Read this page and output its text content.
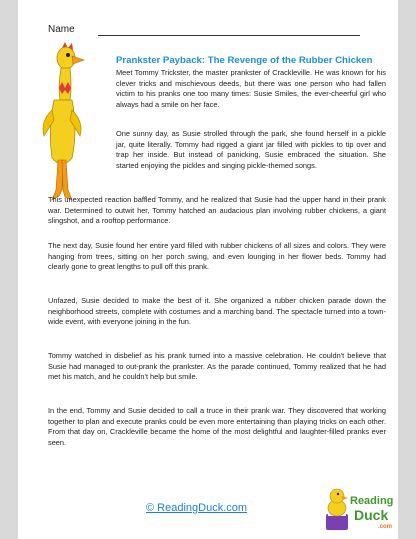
Name
Prankster Payback: The Revenge of the Rubber Chicken

Meet Tommy Trickster, the master prankster of Crackleville. He was known for his clever tricks and mischievous deeds, but there was one person who had fallen victim to his pranks one too many times: Susie Smiles, the ever-cheerful girl who always had a smile on her face.

One sunny day, as Susie strolled through the park, she found herself in a pickle jar, quite literally. Tommy had rigged a giant jar filled with pickles to tip over and trap her inside. But instead of panicking, Susie embraced the situation. She started enjoying the pickles and singing pickle-themed songs.

This unexpected reaction baffled Tommy, and he realized that Susie had the upper hand in their prank war. Determined to outwit her, Tommy hatched an audacious plan involving rubber chickens, a giant slingshot, and a rooftop performance.

The next day, Susie found her entire yard filled with rubber chickens of all sizes and colors. They were hanging from trees, sitting on her porch swing, and even lounging in her flower beds. Tommy had clearly gone to great lengths to pull off this prank.

Unfazed, Susie decided to make the best of it. She organized a rubber chicken parade down the neighborhood streets, complete with costumes and a marching band. The spectacle turned into a town-wide event, with everyone joining in the fun.

Tommy watched in disbelief as his prank turned into a massive celebration. He couldn't believe that Susie had managed to out-prank the prankster. As the parade continued, Tommy realized that he had met his match, and he couldn't help but smile.

In the end, Tommy and Susie decided to call a truce in their prank war. They discovered that working together to plan and execute pranks could be even more entertaining than playing tricks on each other. From that day on, Crackleville became the home of the most delightful and laughter-filled pranks ever seen.

© ReadingDuck.com
Reading
Duck
.com
